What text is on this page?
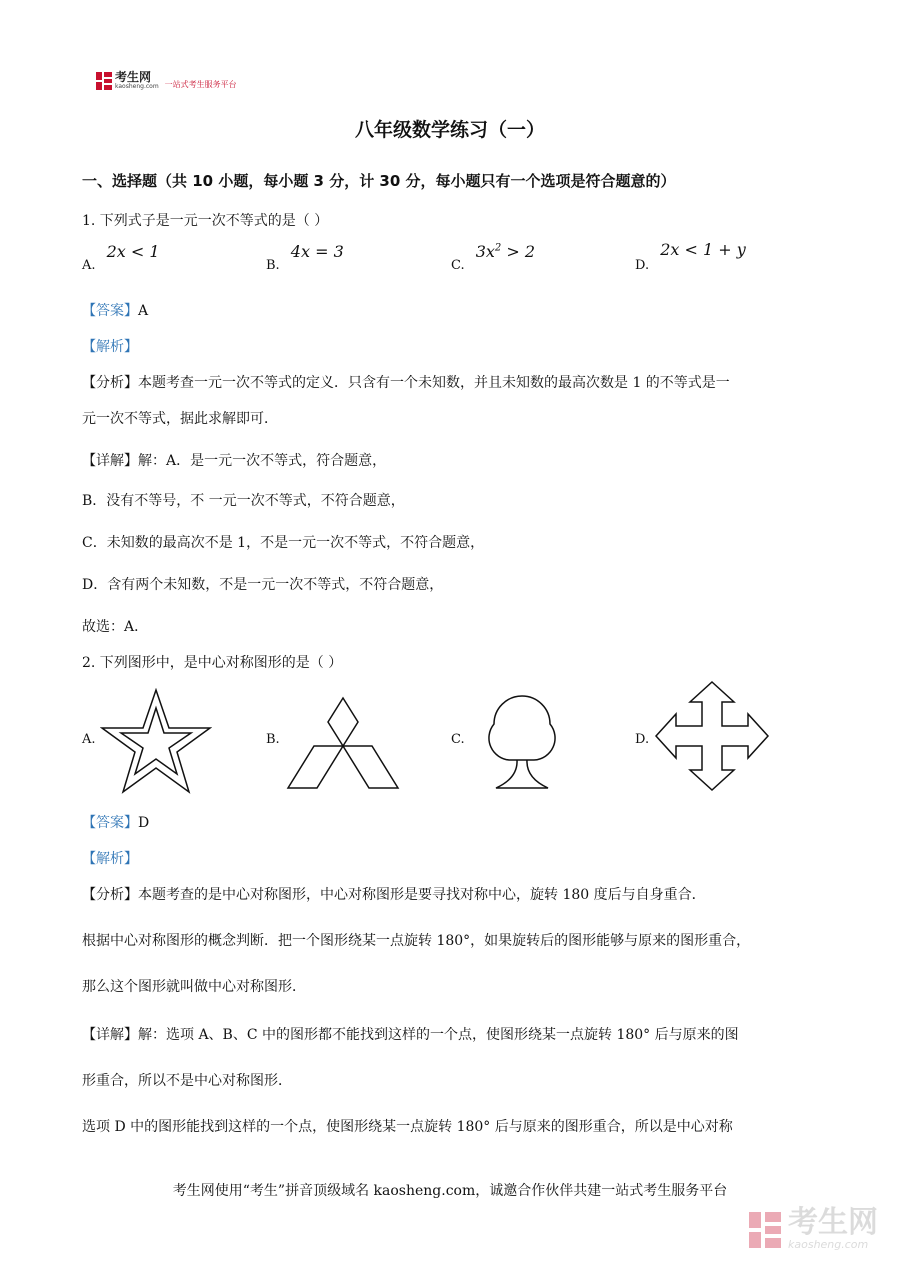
考生网
kaosheng.com 一站式考生服务平台
八年级数学练习（一）
一、选择题（共 10 小题，每小题 3 分，计 30 分，每小题只有一个选项是符合题意的）
1. 下列式子是一元一次不等式的是（ ）
$_{A.}$ 2x < 1
$_{B.}$ 4x = 3
$_{C.}$ $3x^2 > 2$
$_{D.}$ 2x < 1 + y
【答案】A
【解析】
【分析】本题考查一元一次不等式的定义．只含有一个未知数，并且未知数的最高次数是 1 的不等式是一
元一次不等式，据此求解即可．
【详解】解：A．是一元一次不等式，符合题意，
B．没有不等号，不 一元一次不等式，不符合题意，
C．未知数的最高次不是 1，不是一元一次不等式，不符合题意，
D．含有两个未知数，不是一元一次不等式，不符合题意，
故选：A．
2. 下列图形中，是中心对称图形的是（ ）
A.	B.	C.	D.
【答案】D
【解析】
【分析】本题考查的是中心对称图形，中心对称图形是要寻找对称中心，旋转 180 度后与自身重合．
根据中心对称图形的概念判断．把一个图形绕某一点旋转 180°，如果旋转后的图形能够与原来的图形重合，
那么这个图形就叫做中心对称图形．
【详解】解：选项 A、B、C 中的图形都不能找到这样的一个点，使图形绕某一点旋转 180° 后与原来的图
形重合，所以不是中心对称图形．
选项 D 中的图形能找到这样的一个点，使图形绕某一点旋转 180° 后与原来的图形重合，所以是中心对称
考生网使用“考生”拼音顶级域名 kaosheng.com，诚邀合作伙伴共建一站式考生服务平台
考生网
kaosheng.com
